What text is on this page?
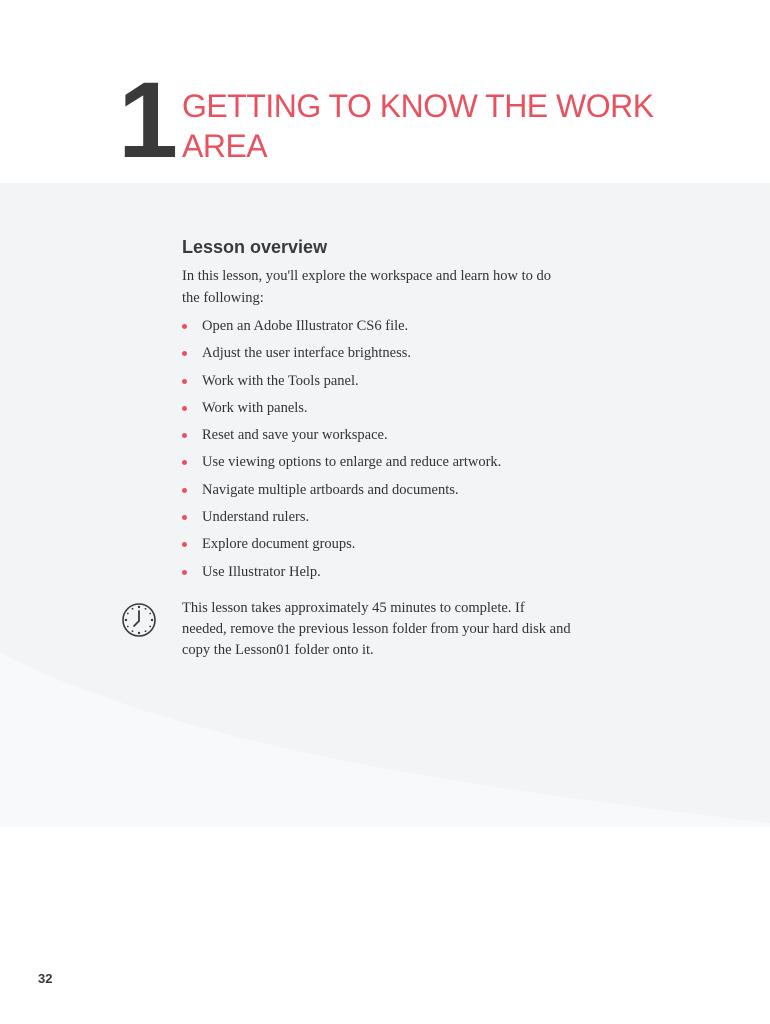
1 GETTING TO KNOW THE WORK AREA
Lesson overview
In this lesson, you'll explore the workspace and learn how to do the following:
Open an Adobe Illustrator CS6 file.
Adjust the user interface brightness.
Work with the Tools panel.
Work with panels.
Reset and save your workspace.
Use viewing options to enlarge and reduce artwork.
Navigate multiple artboards and documents.
Understand rulers.
Explore document groups.
Use Illustrator Help.
This lesson takes approximately 45 minutes to complete. If needed, remove the previous lesson folder from your hard disk and copy the Lesson01 folder onto it.
32
